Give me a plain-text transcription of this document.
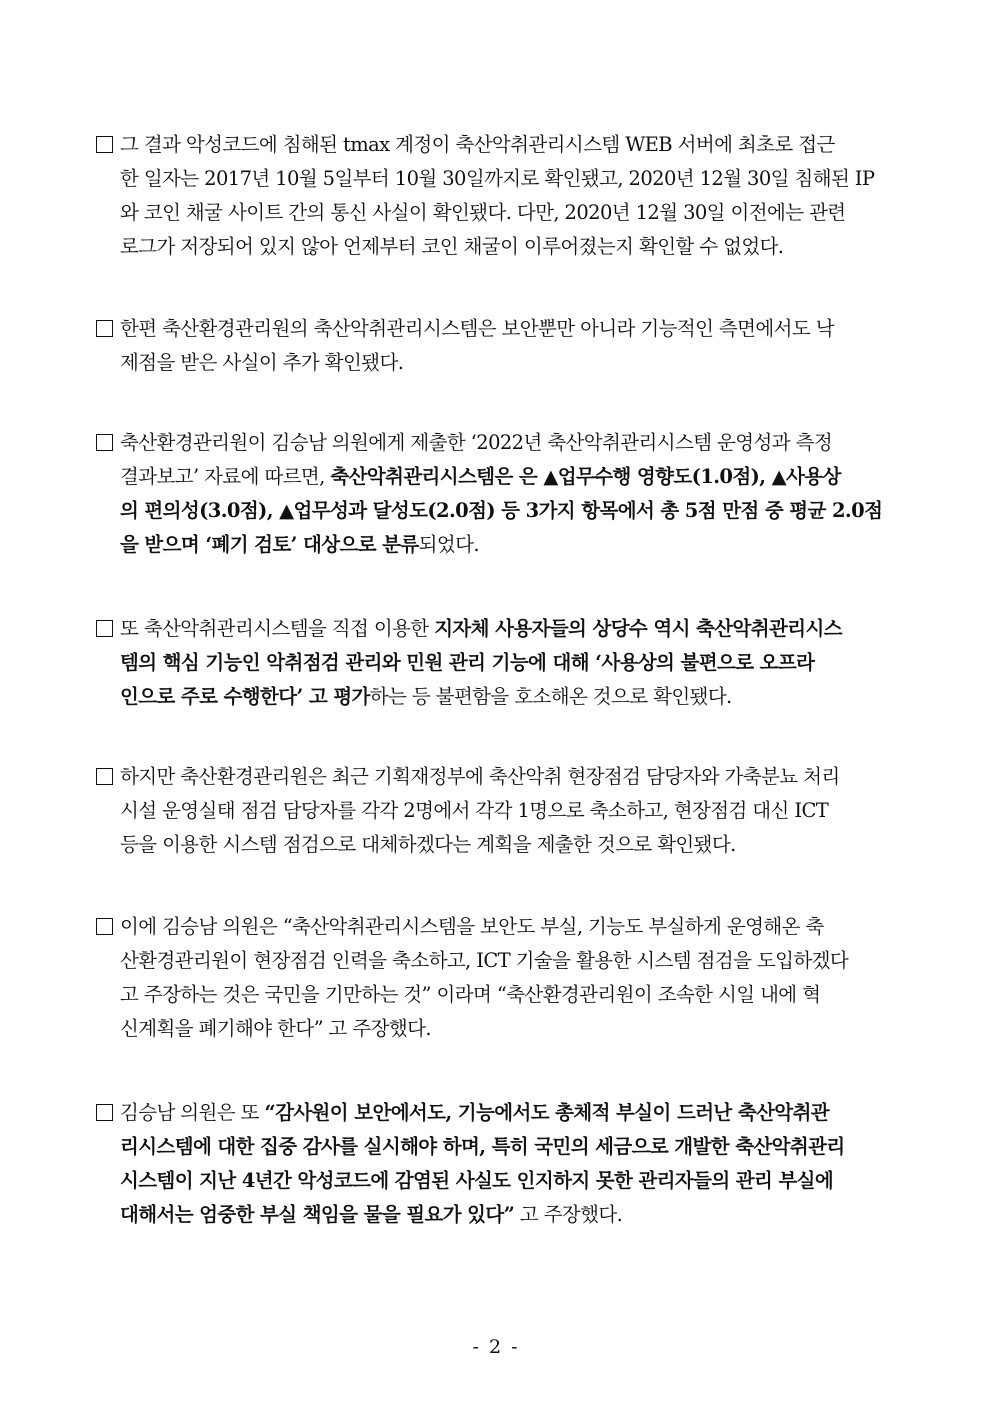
그 결과 악성코드에 침해된 tmax 계정이 축산악취관리시스템 WEB 서버에 최초로 접근
한 일자는 2017년 10월 5일부터 10월 30일까지로 확인됐고, 2020년 12월 30일 침해된 IP
와 코인 채굴 사이트 간의 통신 사실이 확인됐다. 다만, 2020년 12월 30일 이전에는 관련
로그가 저장되어 있지 않아 언제부터 코인 채굴이 이루어졌는지 확인할 수 없었다.
한편 축산환경관리원의 축산악취관리시스템은 보안뿐만 아니라 기능적인 측면에서도 낙
제점을 받은 사실이 추가 확인됐다.
축산환경관리원이 김승남 의원에게 제출한 ‘2022년 축산악취관리시스템 운영성과 측정
결과보고’ 자료에 따르면, 축산악취관리시스템은 은 ▲업무수행 영향도(1.0점), ▲사용상
의 편의성(3.0점), ▲업무성과 달성도(2.0점) 등 3가지 항목에서 총 5점 만점 중 평균 2.0점
을 받으며 ‘폐기 검토’ 대상으로 분류되었다.
또 축산악취관리시스템을 직접 이용한 지자체 사용자들의 상당수 역시 축산악취관리시스
템의 핵심 기능인 악취점검 관리와 민원 관리 기능에 대해 ‘사용상의 불편으로 오프라
인으로 주로 수행한다’ 고 평가하는 등 불편함을 호소해온 것으로 확인됐다.
하지만 축산환경관리원은 최근 기획재정부에 축산악취 현장점검 담당자와 가축분뇨 처리
시설 운영실태 점검 담당자를 각각 2명에서 각각 1명으로 축소하고, 현장점검 대신 ICT
등을 이용한 시스템 점검으로 대체하겠다는 계획을 제출한 것으로 확인됐다.
이에 김승남 의원은 “축산악취관리시스템을 보안도 부실, 기능도 부실하게 운영해온 축
산환경관리원이 현장점검 인력을 축소하고, ICT 기술을 활용한 시스템 점검을 도입하겠다
고 주장하는 것은 국민을 기만하는 것” 이라며 “축산환경관리원이 조속한 시일 내에 혁
신계획을 폐기해야 한다” 고 주장했다.
김승남 의원은 또 “감사원이 보안에서도, 기능에서도 총체적 부실이 드러난 축산악취관
리시스템에 대한 집중 감사를 실시해야 하며, 특히 국민의 세금으로 개발한 축산악취관리
시스템이 지난 4년간 악성코드에 감염된 사실도 인지하지 못한 관리자들의 관리 부실에
대해서는 엄중한 부실 책임을 물을 필요가 있다” 고 주장했다.
- 2 -
